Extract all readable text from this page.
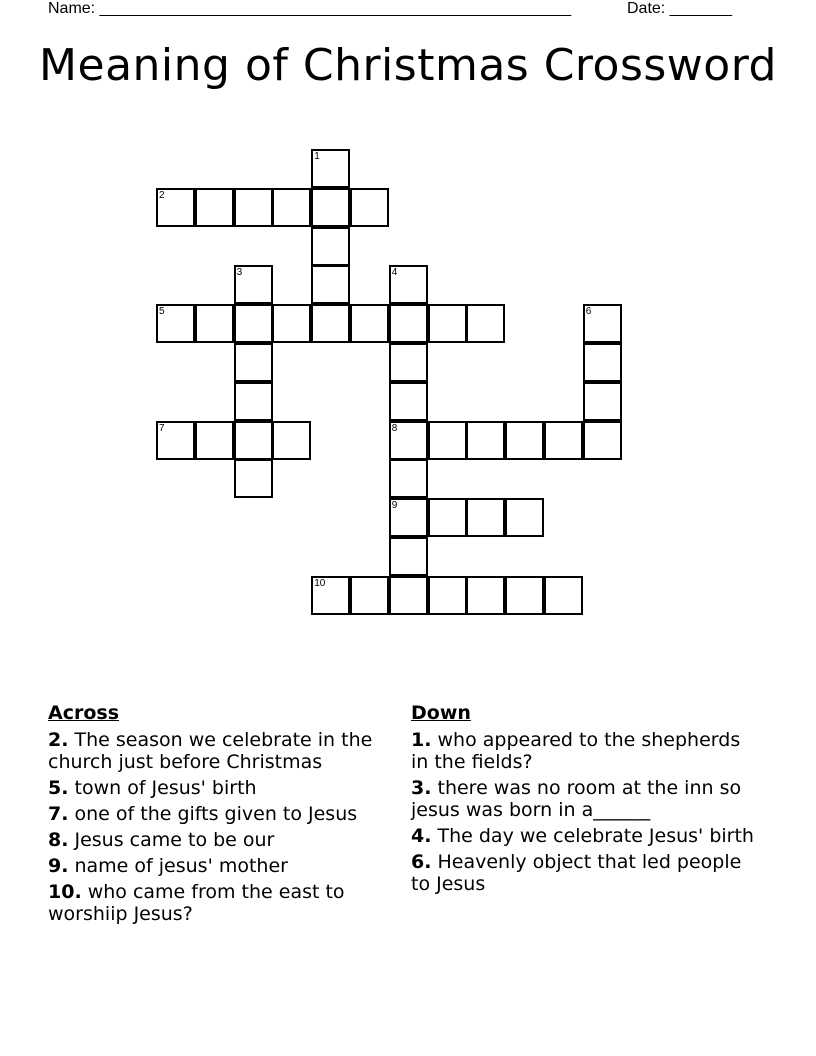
Name: _____________________________________________________	Date: _______
Meaning of Christmas Crossword
1
2
3	4
8
9
5	6
7
10
Across
2. The season we celebrate in the church just before Christmas
5. town of Jesus' birth
7. one of the gifts given to Jesus
8. Jesus came to be our
9. name of jesus' mother
10. who came from the east to worshiip Jesus?
Down
1. who appeared to the shepherds in the fields?
3. there was no room at the inn so jesus was born in a______
4. The day we celebrate Jesus' birth
6. Heavenly object that led people to Jesus
